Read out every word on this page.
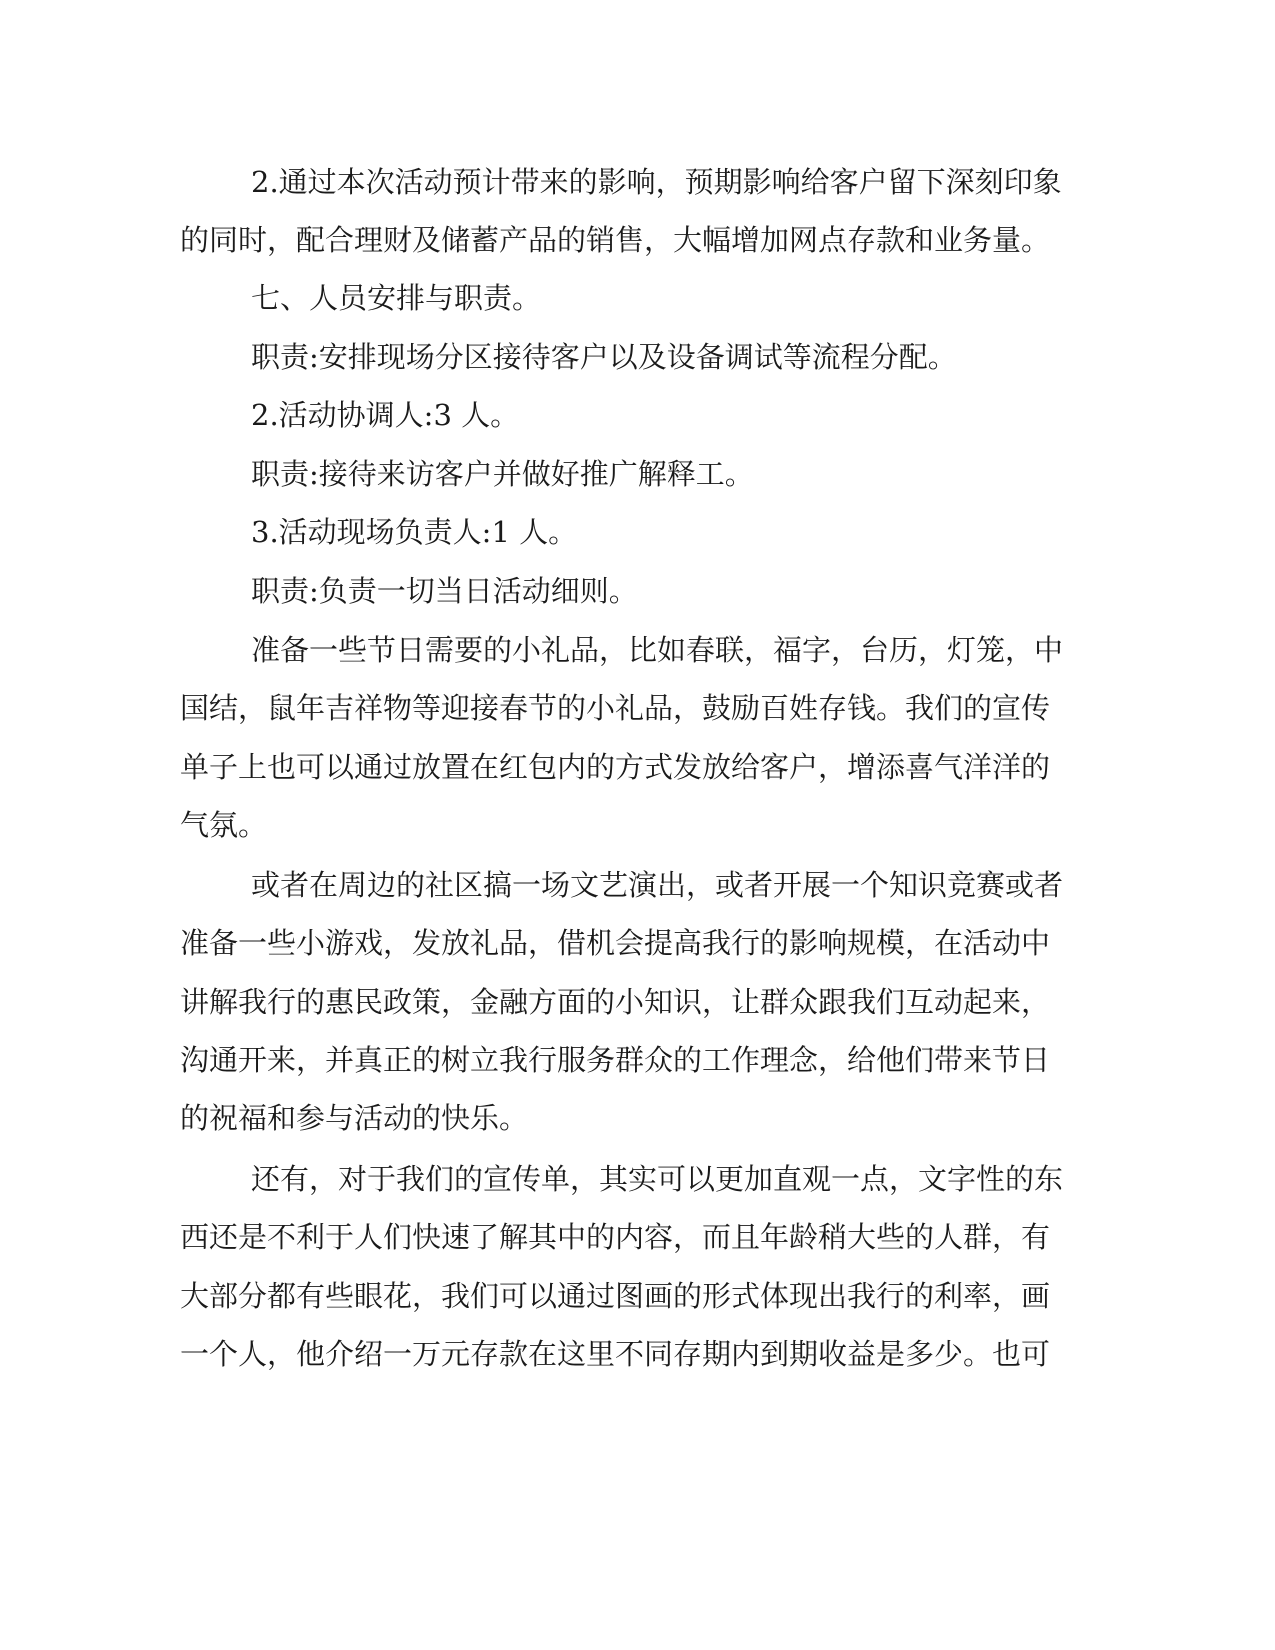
2.通过本次活动预计带来的影响，预期影响给客户留下深刻印象
的同时，配合理财及储蓄产品的销售，大幅增加网点存款和业务量。
七、人员安排与职责。
职责:安排现场分区接待客户以及设备调试等流程分配。
2.活动协调人:3 人。
职责:接待来访客户并做好推广解释工。
3.活动现场负责人:1 人。
职责:负责一切当日活动细则。
准备一些节日需要的小礼品，比如春联，福字，台历，灯笼，中
国结，鼠年吉祥物等迎接春节的小礼品，鼓励百姓存钱。我们的宣传
单子上也可以通过放置在红包内的方式发放给客户，增添喜气洋洋的
气氛。
或者在周边的社区搞一场文艺演出，或者开展一个知识竞赛或者
准备一些小游戏，发放礼品，借机会提高我行的影响规模，在活动中
讲解我行的惠民政策，金融方面的小知识，让群众跟我们互动起来，
沟通开来，并真正的树立我行服务群众的工作理念，给他们带来节日
的祝福和参与活动的快乐。
还有，对于我们的宣传单，其实可以更加直观一点，文字性的东
西还是不利于人们快速了解其中的内容，而且年龄稍大些的人群，有
大部分都有些眼花，我们可以通过图画的形式体现出我行的利率，画
一个人，他介绍一万元存款在这里不同存期内到期收益是多少。也可
